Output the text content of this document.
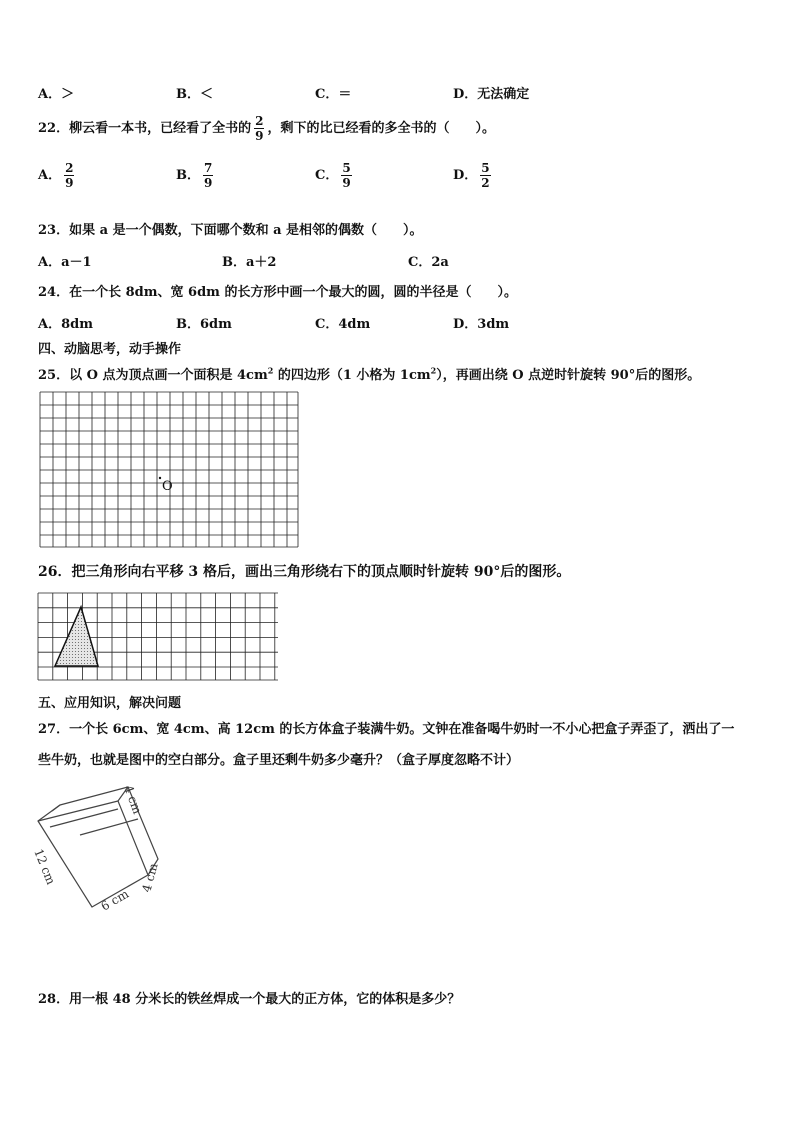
A．＞	B．＜	C．＝	D．无法确定
22．柳云看一本书，已经看了全书的 $\frac{2}{9}$ ，剩下的比已经看的多全书的（　　）。
A． $\frac{2}{9}$	B． $\frac{7}{9}$	C． $\frac{5}{9}$	D． $\frac{5}{2}$
23．如果 a 是一个偶数，下面哪个数和 a 是相邻的偶数（　　）。
A．a－1	B．a＋2	C．2a
24．在一个长 8dm、宽 6dm 的长方形中画一个最大的圆，圆的半径是（　　）。
A．8dm	B．6dm	C．4dm	D．3dm
四、动脑思考，动手操作
25．以 O 点为顶点画一个面积是 $4cm^2$ 的四边形（1 小格为 $1cm^2$），再画出绕 O 点逆时针旋转 90°后的图形。
O
26．把三角形向右平移 3 格后，画出三角形绕右下的顶点顺时针旋转 90°后的图形。
五、应用知识，解决问题
27．一个长 6cm、宽 4cm、高 12cm 的长方体盒子装满牛奶。文钟在准备喝牛奶时一不小心把盒子弄歪了，洒出了一
些牛奶，也就是图中的空白部分。盒子里还剩牛奶多少毫升？（盒子厚度忽略不计）
4 cm
12 cm
6 cm
4 cm
28．用一根 48 分米长的铁丝焊成一个最大的正方体，它的体积是多少？
